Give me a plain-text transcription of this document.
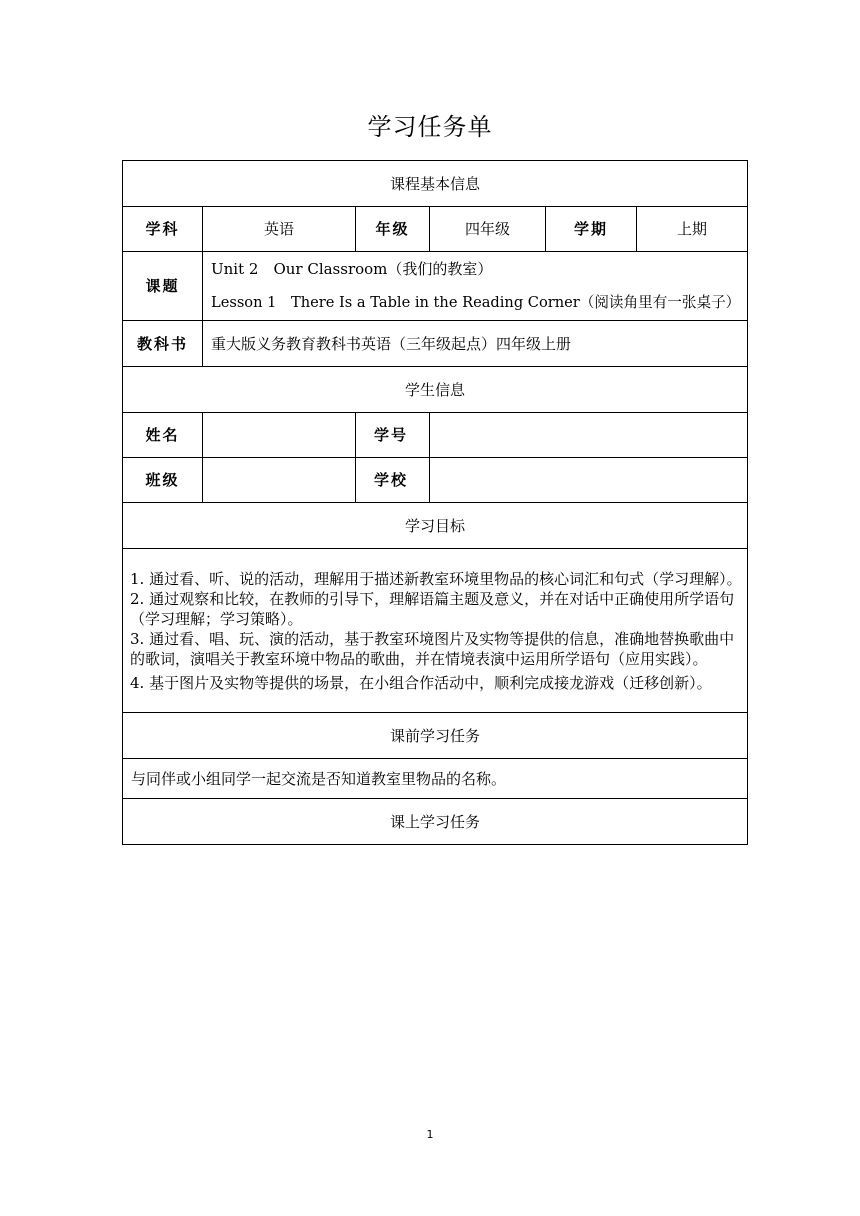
学习任务单
课程基本信息					
学科	英语	年级	四年级	学期	上期
课题	Unit 2　Our Classroom（我们的教室）
Lesson 1　There Is a Table in the Reading Corner（阅读角里有一张桌子）				

教科书	重大版义务教育教科书英语（三年级起点）四年级上册				
学生信息					
姓名		学号			
班级		学校			
学习目标					

1. 通过看、听、说的活动，理解用于描述新教室环境里物品的核心词汇和句式（学习理解）。

2. 通过观察和比较，在教师的引导下，理解语篇主题及意义，并在对话中正确使用所学语句（学习理解；学习策略）。

3. 通过看、唱、玩、演的活动，基于教室环境图片及实物等提供的信息，准确地替换歌曲中的歌词，演唱关于教室环境中物品的歌曲，并在情境表演中运用所学语句（应用实践）。

4. 基于图片及实物等提供的场景，在小组合作活动中，顺利完成接龙游戏（迁移创新）。					

课前学习任务					
与同伴或小组同学一起交流是否知道教室里物品的名称。					
课上学习任务					
1
